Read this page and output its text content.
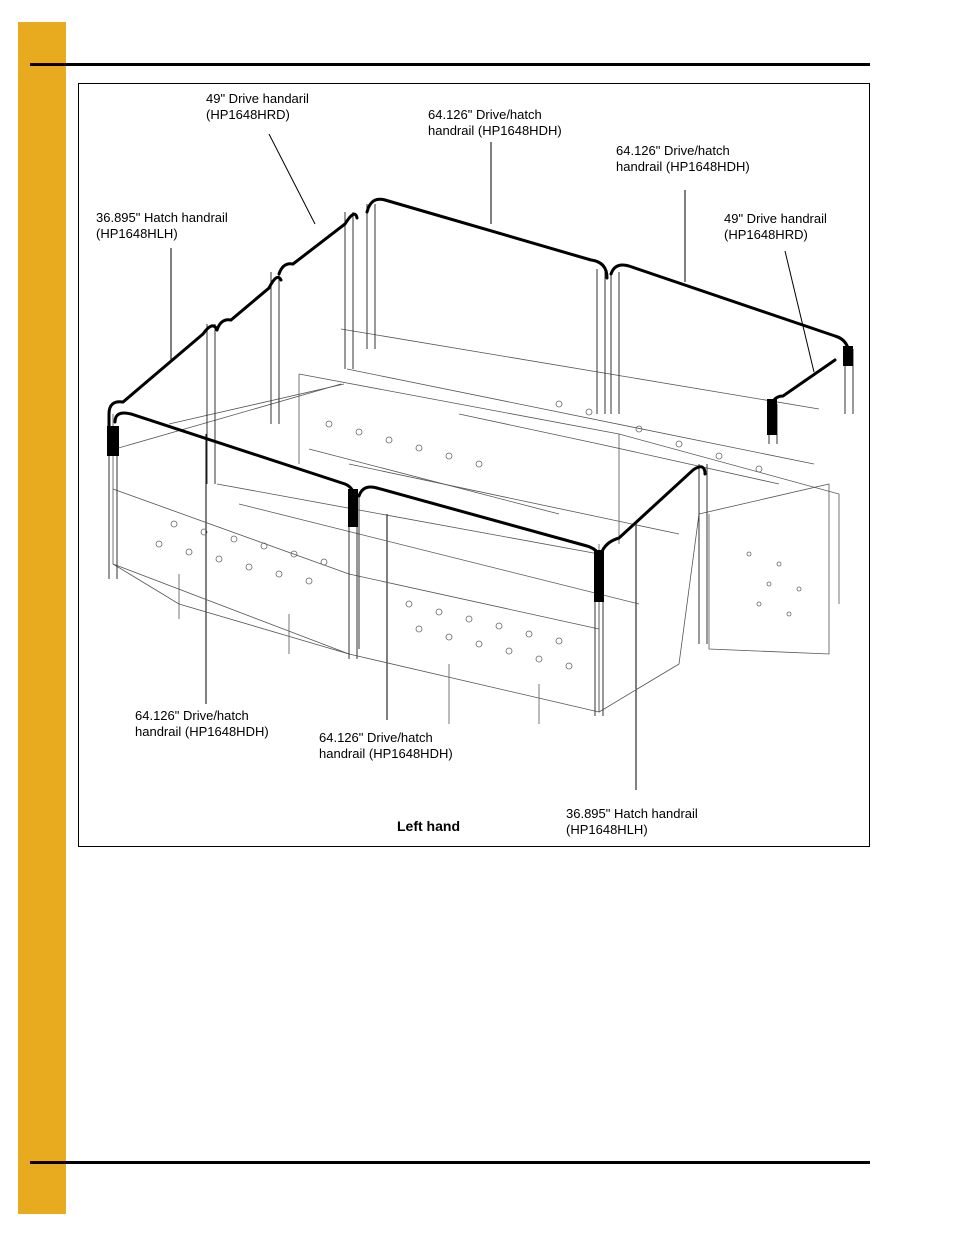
49" Drive handaril
(HP1648HRD)	64.126" Drive/hatch
handrail (HP1648HDH)
64.126" Drive/hatch
handrail (HP1648HDH)
36.895" Hatch handrail
(HP1648HLH)
49" Drive handrail
(HP1648HRD)
64.126" Drive/hatch
handrail (HP1648HDH)	64.126" Drive/hatch
handrail (HP1648HDH)
36.895" Hatch handrail
(HP1648HLH)
Left hand
